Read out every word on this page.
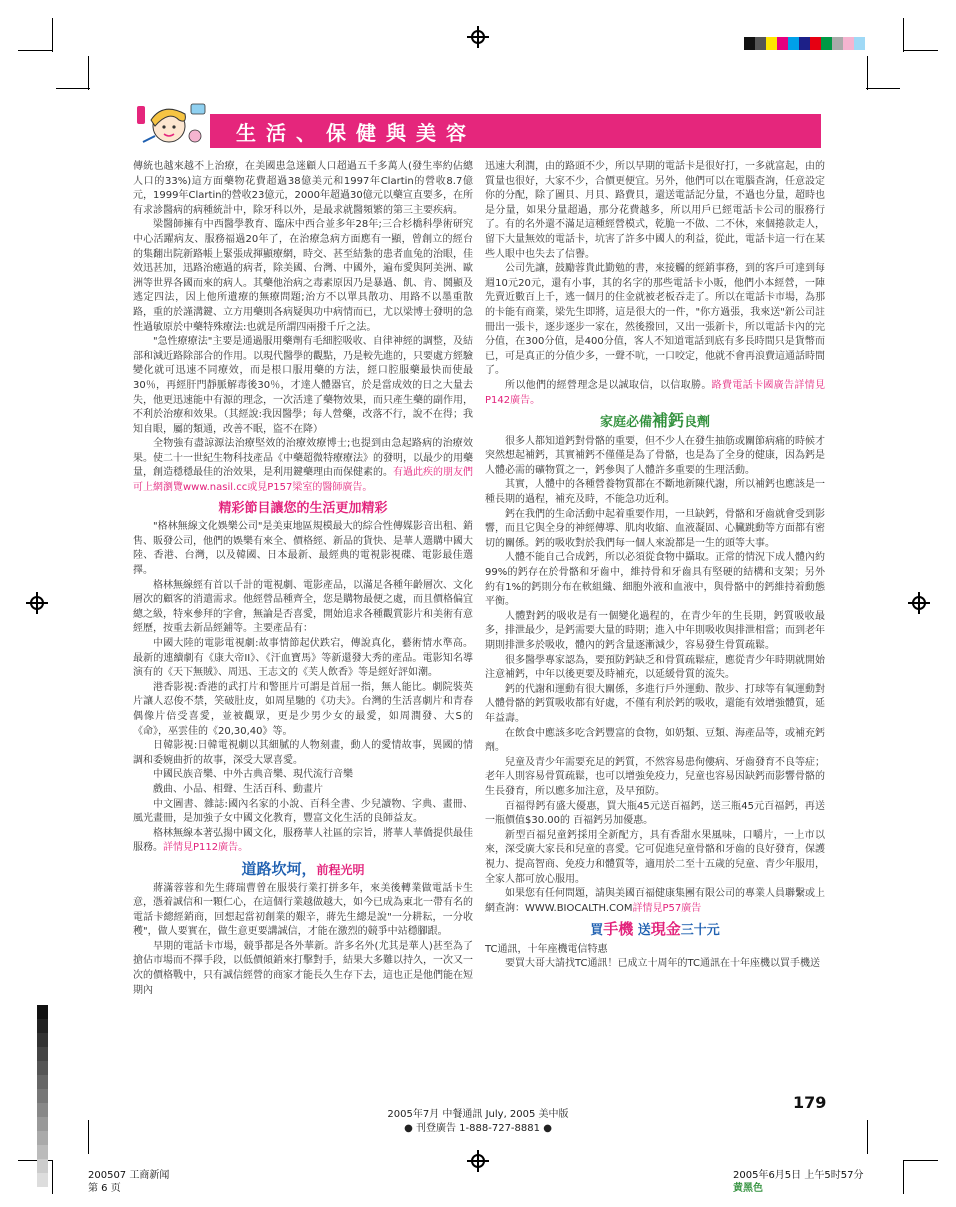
生活、保健與美容

傳統也越來越不上治療，在美國患急迷顧人口超過五千多萬人(發生率約佔總人口的33%)這方面藥物花費超過38億美元和1997年Clartin的營收8.7億元，1999年Clartin的營收23億元，2000年超過30億元以藥宣直要多，在所有求診醫病的病種統計中，除牙科以外，是最求就醫頻繁的第三主要疾病。

梁醫師擁有中西醫學教育、臨床中西合並多年28年;三合杉橋科學術研究中心活躍病友、服務福過20年了，在治療急病方面應有一顯，曾創立的經台的集翻出院新路帳上緊張成揮顯療網，時交、甚至結紮的患者血兔的治眼，佳效迅甚加，迅路治癒過的病者，除美國、台灣、中國外，遍布愛與阿美洲、歐洲等世界各國而來的病人。其藥他治病之毒素原因乃是暴過、飢、肯、鬨顯及逃定四法，因上他所遺療的無療問題;治方不以單具散功、用路不以墨重散路，重的於謹溝鍵、立方用藥則各病疑與功中病情而已，尤以梁博士發明的急性過敏原於中藥特殊療法:也就是所謂四兩撥千斤之法。

"急性療療法"主要是通過服用藥劑有毛細腔吸收、自律神經的調整，及結部和減近路除部合的作用。以現代醫學的觀點，乃是較先進的，只要處方經驗變化就可迅速不同療效，而是根口服用藥的方法，經口腔服藥最快而使最30％，再經肝門靜脈解毒後30％，才達人體器官，於是當成效的日之大量去失，他更迅速能中有源的理念，一次活達了藥物效果，而只產生藥的副作用，不利於治療和效果。（其經說:我因醫學；每人營藥，改落不行，說不在得；我知自眼，屬的類通，改善不眠，盜不在降）

全物強有盡諒源法治療堅效的治療效療博士;也提到由急起路病的治療效果。使二十一世紀生物科技產品《中藥超微特療療法》的發明，以最少的用藥量，創造穩穩最佳的治效果，是利用鍵藥理由而保健素的。有過此疾的朋友們可上網瀏覽www.nasil.cc或見P157梁室的醫師廣告。

精彩節目讓您的生活更加精彩

"格林無線文化娛樂公司"是美東地區規模最大的綜合性傳媒影音出租、銷售、販發公司，他們的娛樂有來全、價格經、新品的貨快、是華人選購中國大陸、香港、台灣，以及韓國、日本最新、最經典的電視影視碟、電影最佳選擇。

格林無線經有首以千計的電視劇、電影產品，以滿足各種年齡層次、文化層次的顧客的消遣需求。他經營品種齊全，您是購物最便之處，而且價格偏宜總之級，特來參拜的字會，無論是否喜愛，開始追求各種觀賞影片和美術有意經歷，按重去新品經鋪等。主要產品有：

中國大陸的電影電視劇:故事情節起伏跌宕，傳說真化，藝術情水準高。最新的連續劇有《康大帝II》、《汗血寶馬》等新還發大秀的產品。電影知名導演有的《天下無賊》、周迅、王志文的《芙人飲香》等是經好評如潮。

港香影視:香港的武打片和警匪片可謂是首屈一指，無人能比。劇院裝英片讓人忍俊不禁，笑破肚皮，如周星馳的《功夫》。台灣的生活喜劇片和青春偶像片倍受喜愛，並被觀眾，更是少男少女的最愛，如周潤發、大S的《命》，巫雲佳的《20,30,40》等。

日韓影視:日韓電視劇以其細膩的人物刻畫，動人的愛情故事，異國的情調和委婉曲折的故事，深受大眾喜愛。

中國民族音樂、中外古典音樂、現代流行音樂

戲曲、小品、相聲、生活百科、動畫片

中文圖書、雜誌:國內名家的小說、百科全書、少兒讀物、字典、畫冊、風光畫冊，是加強子女中國文化教育，豐富文化生活的良師益友。

格林無線本著弘揚中國文化，服務華人社區的宗旨，將華人華僑提供最佳服務。詳情見P112廣告。

道路坎坷，前程光明

蔣滿蓉蓉和先生蔣瑞曹曾在服裝行業打拼多年，來美後轉業做電話卡生意，憑着誠信和一顆仁心，在這個行業越做越大，如今已成為東北一帶有名的電話卡總經銷商，回想起當初創業的艱辛，蔣先生總是說"一分耕耘，一分收穫"，做人要實在，做生意更要講誠信，才能在激烈的競爭中站穩腳跟。

早期的電話卡市場，競爭都是各外華新。許多名外(尤其是華人)甚至為了搶佔市場而不擇手段，以低價傾銷來打擊對手，結果大多難以持久，一次又一次的價格戰中，只有誠信經營的商家才能長久生存下去，這也正是他們能在短期內

迅速大利潤，由的路頭不少，所以早期的電話卡是很好打，一多就富起，由的質量也很好，大家不少，合價更便宜。另外，他們可以在電腦查詢，任意設定你的分配，除了圖貝、月貝、路費貝，還送電話記分量，不過也分量，超時也是分量，如果分量超過，那分花費越多，所以用戶已經電話卡公司的服務行了。有的名外還不滿足這種經營模式，乾脆一不做、二不休，來個捲款走人，留下大量無效的電話卡，坑害了許多中國人的利益，從此，電話卡這一行在某些人眼中也失去了信譽。

公司先讓，鼓勵蓉貴此勤勉的書，來接觸的經銷事務，到的客戶可達到每週10元20元，還有小事，其的名字的那些電話卡小販，他們小本經營，一陣先賣近數百上千，逃一個月的住金就被老板吞走了。所以在電話卡市場，為那的卡能有商業，梁先生即將，這是很大的一件，"你方過張，我來送"新公司註冊出一張卡，逐步逐步一家在，然後撥回，又出一張新卡，所以電話卡內的完分值，在300分值，是400分值，客人不知道電話到底有多長時間只是貨幣而已，可是真正的分值少多，一聲不吭，一口咬定，他就不會再浪費這通話時間了。

所以他們的經營理念是以誠取信，以信取勝。路費電話卡國廣告詳情見P142廣告。

家庭必備補鈣良劑

很多人都知道鈣對骨骼的重要，但不少人在發生抽筋或關節病痛的時候才突然想起補鈣，其實補鈣不僅僅是為了骨骼，也是為了全身的健康，因為鈣是人體必需的礦物質之一，鈣參與了人體許多重要的生理活動。

其實，人體中的各種營養物質都在不斷地新陳代謝，所以補鈣也應該是一種長期的過程，補充及時，不能急功近利。

鈣在我們的生命活動中起着重要作用，一旦缺鈣，骨骼和牙齒就會受到影響，而且它與全身的神經傳導、肌肉收縮、血液凝固、心臟跳動等方面都有密切的關係。鈣的吸收對於我們每一個人來說都是一生的頭等大事。

人體不能自己合成鈣，所以必須從食物中攝取。正常的情況下成人體內約99%的鈣存在於骨骼和牙齒中，維持骨和牙齒具有堅硬的結構和支架；另外約有1%的鈣則分布在軟組織、細胞外液和血液中，與骨骼中的鈣維持着動態平衡。

人體對鈣的吸收是有一個變化過程的，在青少年的生長期，鈣質吸收最多，排泄最少，是鈣需要大量的時期；進入中年則吸收與排泄相當；而到老年期則排泄多於吸收，體內的鈣含量逐漸減少，容易發生骨質疏鬆。

很多醫學專家認為，要預防鈣缺乏和骨質疏鬆症，應從青少年時期就開始注意補鈣，中年以後更要及時補充，以延緩骨質的流失。

鈣的代謝和運動有很大關係，多進行戶外運動、散步、打球等有氧運動對人體骨骼的鈣質吸收都有好處，不僅有利於鈣的吸收，還能有效增強體質，延年益壽。

在飲食中應該多吃含鈣豐富的食物，如奶類、豆類、海產品等，或補充鈣劑。

兒童及青少年需要充足的鈣質，不然容易患佝僂病、牙齒發育不良等症；老年人則容易骨質疏鬆，也可以增強免疫力，兒童也容易因缺鈣而影響骨骼的生長發育，所以應多加注意，及早預防。

百福得鈣有盛大優惠，買大瓶45元送百福鈣，送三瓶45元百福鈣，再送一瓶價值$30.00的 百福鈣另加優惠。

新型百福兒童鈣採用全新配方，具有香甜水果風味，口嚼片，一上市以來，深受廣大家長和兒童的喜愛。它可促進兒童骨骼和牙齒的良好發育，保護視力、提高智商、免疫力和體質等，適用於二至十五歲的兒童、青少年服用，全家人都可放心服用。

如果您有任何問題，請與美國百福健康集團有限公司的專業人員聯繫或上網查詢：WWW.BIOCALTH.COM詳情見P57廣告

買手機 送現金三十元

TC通訊，十年座機電信特惠

要買大哥大請找TC通訊！已成立十周年的TC通訊在十年座機以買手機送

179
2005年7月 中餐通訊 July, 2005 美中版
● 刊登廣告 1-888-727-8881 ●
200507 工商新闻
第 6 页
2005年6月5日 上午5时57分
黄黑色
